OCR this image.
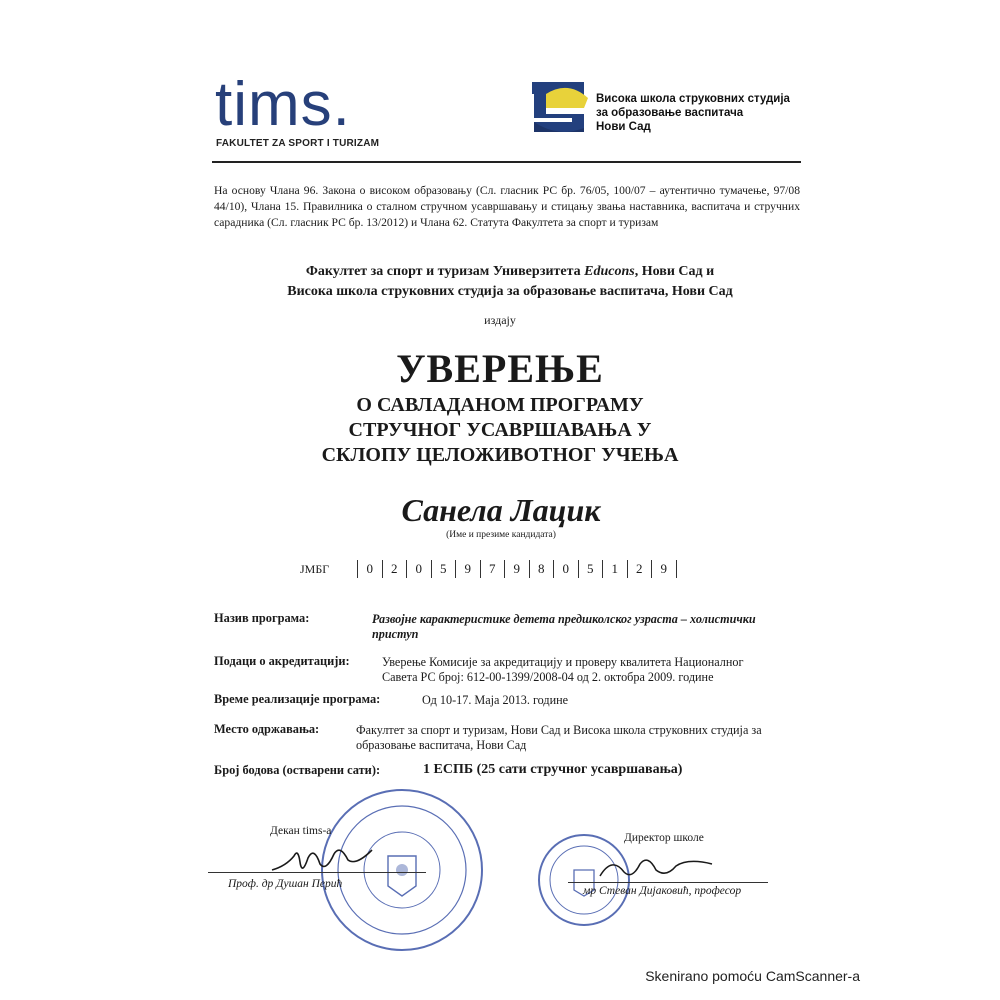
tims.
FAKULTET ZA SPORT I TURIZAM
Висока школа струковних студија
за образовање васпитача
Нови Сад
На основу Члана 96. Закона о високом образовању (Сл. гласник РС бр. 76/05, 100/07 – аутентично тумачење, 97/08 44/10), Члана 15. Правилника о сталном стручном усавршавању и стицању звања наставника, васпитача и стручних сарадника (Сл. гласник РС бр. 13/2012) и Члана 62. Статута Факултета за спорт и туризам
Факултет за спорт и туризам Универзитета Educons, Нови Сад и
Висока школа струковних студија за образовање васпитача, Нови Сад
издају
УВЕРЕЊЕ
О САВЛАДАНОМ ПРОГРАМУ
СТРУЧНОГ УСАВРШАВАЊА У
СКЛОПУ ЦЕЛОЖИВОТНОГ УЧЕЊА
Санела Лацик
(Име и презиме кандидата)
ЈМБГ	0	2	0	5	9	7	9	8	0	5	1	2	9
Назив програма:	Развојне карактеристике детета предшколског узраста – холистички приступ
Подаци о акредитацији:	Уверење Комисије за акредитацију и проверу квалитета Националног Савета РС број: 612-00-1399/2008-04 од 2. октобра 2009. године
Време реализације програма:	Од 10-17. Маја 2013. године
Место одржавања:	Факултет за спорт и туризам, Нови Сад и Висока школа струковних студија за образовање васпитача, Нови Сад
Број бодова (остварени сати):	1 ЕСПБ (25 сати стручног усавршавања)
Декан tims-a
Проф. др Душан Перић
Директор школе
мр Стеван Дијаковић, професор
Skenirano pomoću CamScanner-a
